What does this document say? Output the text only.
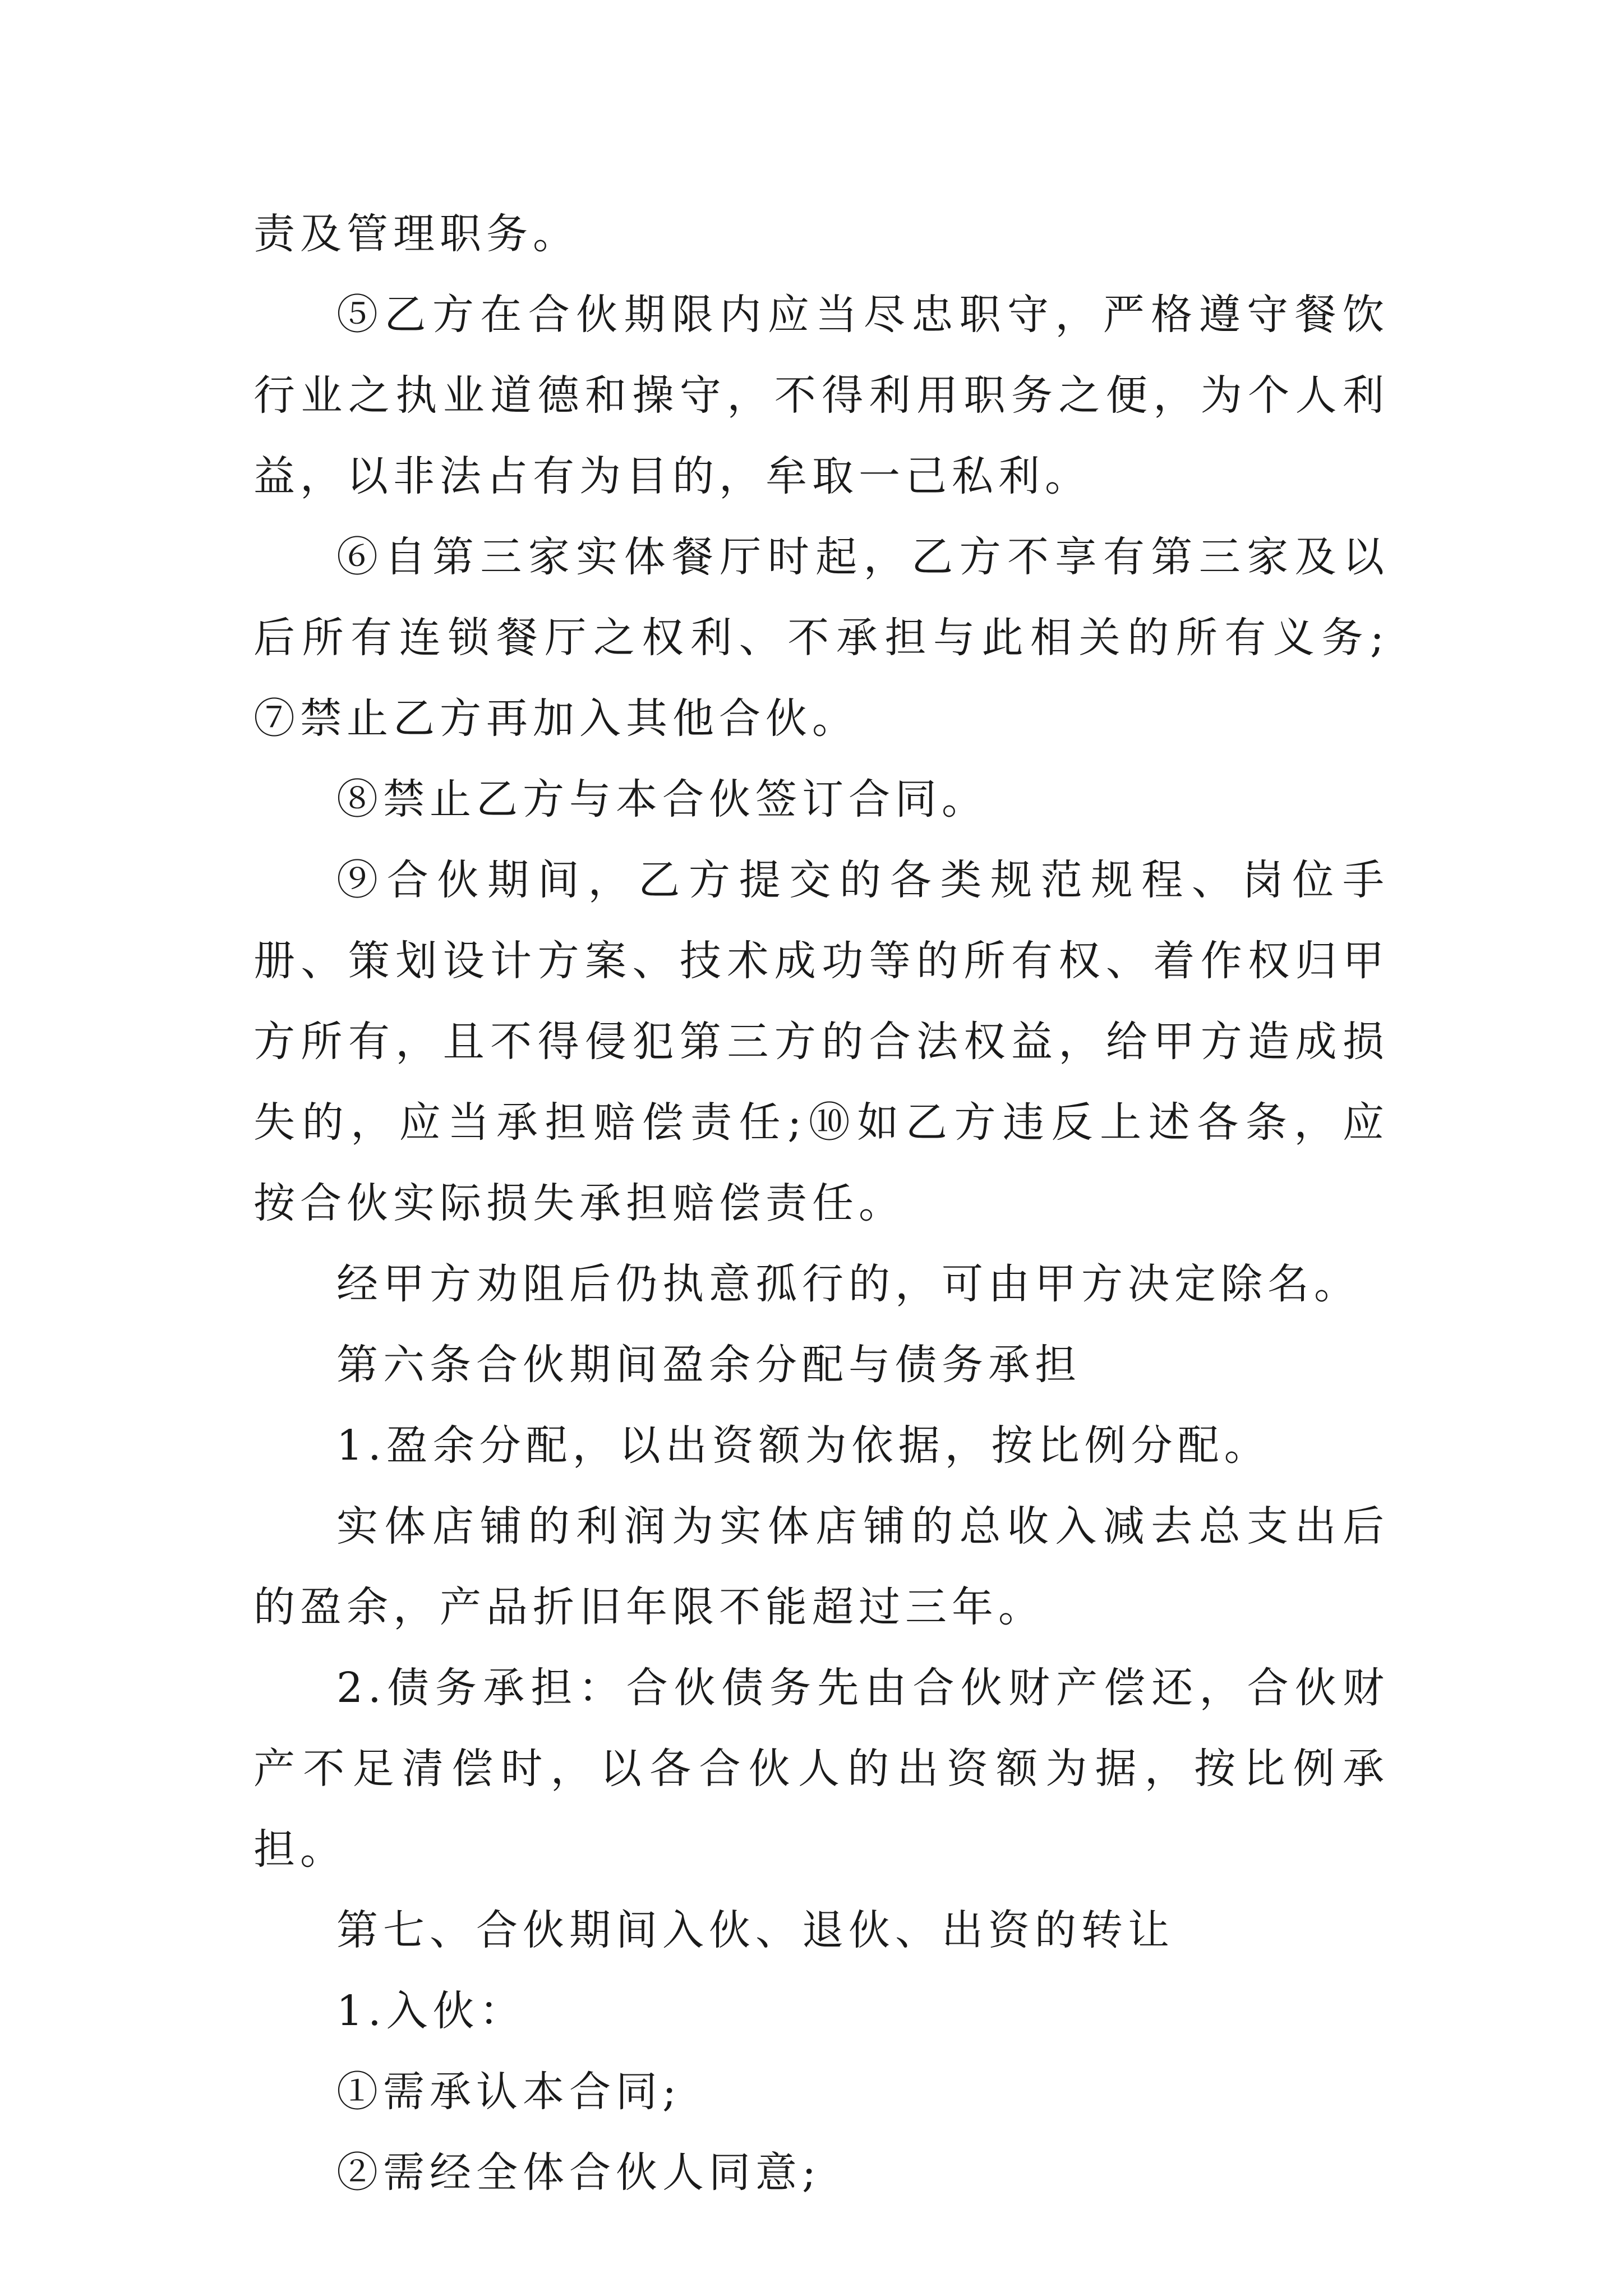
责及管理职务。

⑤乙方在合伙期限内应当尽忠职守，严格遵守餐饮行业之执业道德和操守，不得利用职务之便，为个人利益，以非法占有为目的，牟取一己私利。

⑥自第三家实体餐厅时起，乙方不享有第三家及以后所有连锁餐厅之权利、不承担与此相关的所有义务;⑦禁止乙方再加入其他合伙。

⑧禁止乙方与本合伙签订合同。

⑨合伙期间，乙方提交的各类规范规程、岗位手册、策划设计方案、技术成功等的所有权、着作权归甲方所有，且不得侵犯第三方的合法权益，给甲方造成损失的，应当承担赔偿责任;⑩如乙方违反上述各条，应按合伙实际损失承担赔偿责任。

经甲方劝阻后仍执意孤行的，可由甲方决定除名。

第六条合伙期间盈余分配与债务承担

1.盈余分配，以出资额为依据，按比例分配。

实体店铺的利润为实体店铺的总收入减去总支出后的盈余，产品折旧年限不能超过三年。

2.债务承担：合伙债务先由合伙财产偿还，合伙财产不足清偿时，以各合伙人的出资额为据，按比例承担。

第七、合伙期间入伙、退伙、出资的转让

1.入伙：

①需承认本合同;

②需经全体合伙人同意;
